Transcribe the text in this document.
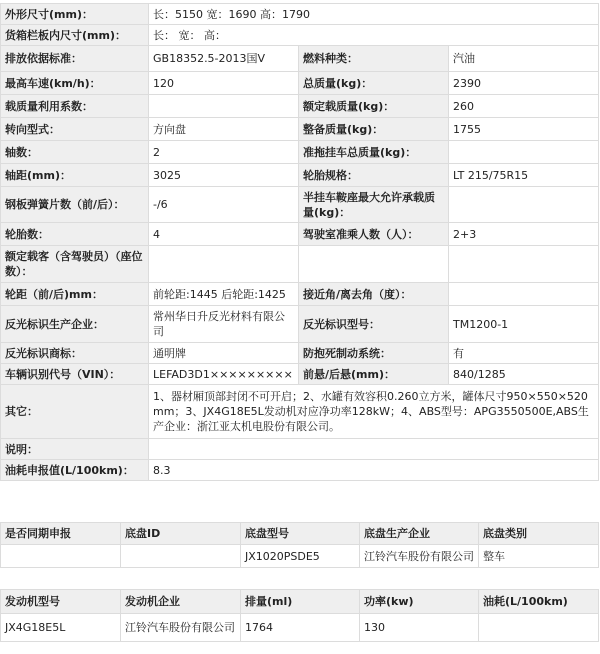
外形尺寸(mm)：	长：5150 宽：1690 高：1790		
货箱栏板内尺寸(mm)：	长： 宽： 高：		
排放依据标准：	GB18352.5-2013国Ⅴ	燃料种类：	汽油
最高车速(km/h)：	120	总质量(kg)：	2390
载质量利用系数：		额定载质量(kg)：	260
转向型式：	方向盘	整备质量(kg)：	1755
轴数：	2	准拖挂车总质量(kg)：	
轴距(mm)：	3025	轮胎规格：	LT 215/75R15
钢板弹簧片数（前/后）：	-/6	半挂车鞍座最大允许承载质量(kg)：	
轮胎数：	4	驾驶室准乘人数（人）：	2+3
额定载客（含驾驶员）（座位数）：			
轮距（前/后)mm：	前轮距:1445 后轮距:1425	接近角/离去角（度）：	
反光标识生产企业：	常州华日升反光材料有限公司	反光标识型号：	TM1200-1
反光标识商标：	通明牌	防抱死制动系统：	有
车辆识别代号（VIN）：	LEFAD3D1×××××××××	前悬/后悬(mm)：	840/1285
其它：	1、器材厢顶部封闭不可开启；2、水罐有效容积0.260立方米，罐体尺寸950×550×520mm；3、JX4G18E5L发动机对应净功率128kW；4、ABS型号：APG3550500E,ABS生产企业：浙江亚太机电股份有限公司。		
说明：			
油耗申报值(L/100km)：	8.3		
是否同期申报	底盘ID	底盘型号	底盘生产企业	底盘类别
		JX1020PSDE5	江铃汽车股份有限公司	整车
发动机型号	发动机企业	排量(ml)	功率(kw)	油耗(L/100km)
JX4G18E5L	江铃汽车股份有限公司	1764	130	
